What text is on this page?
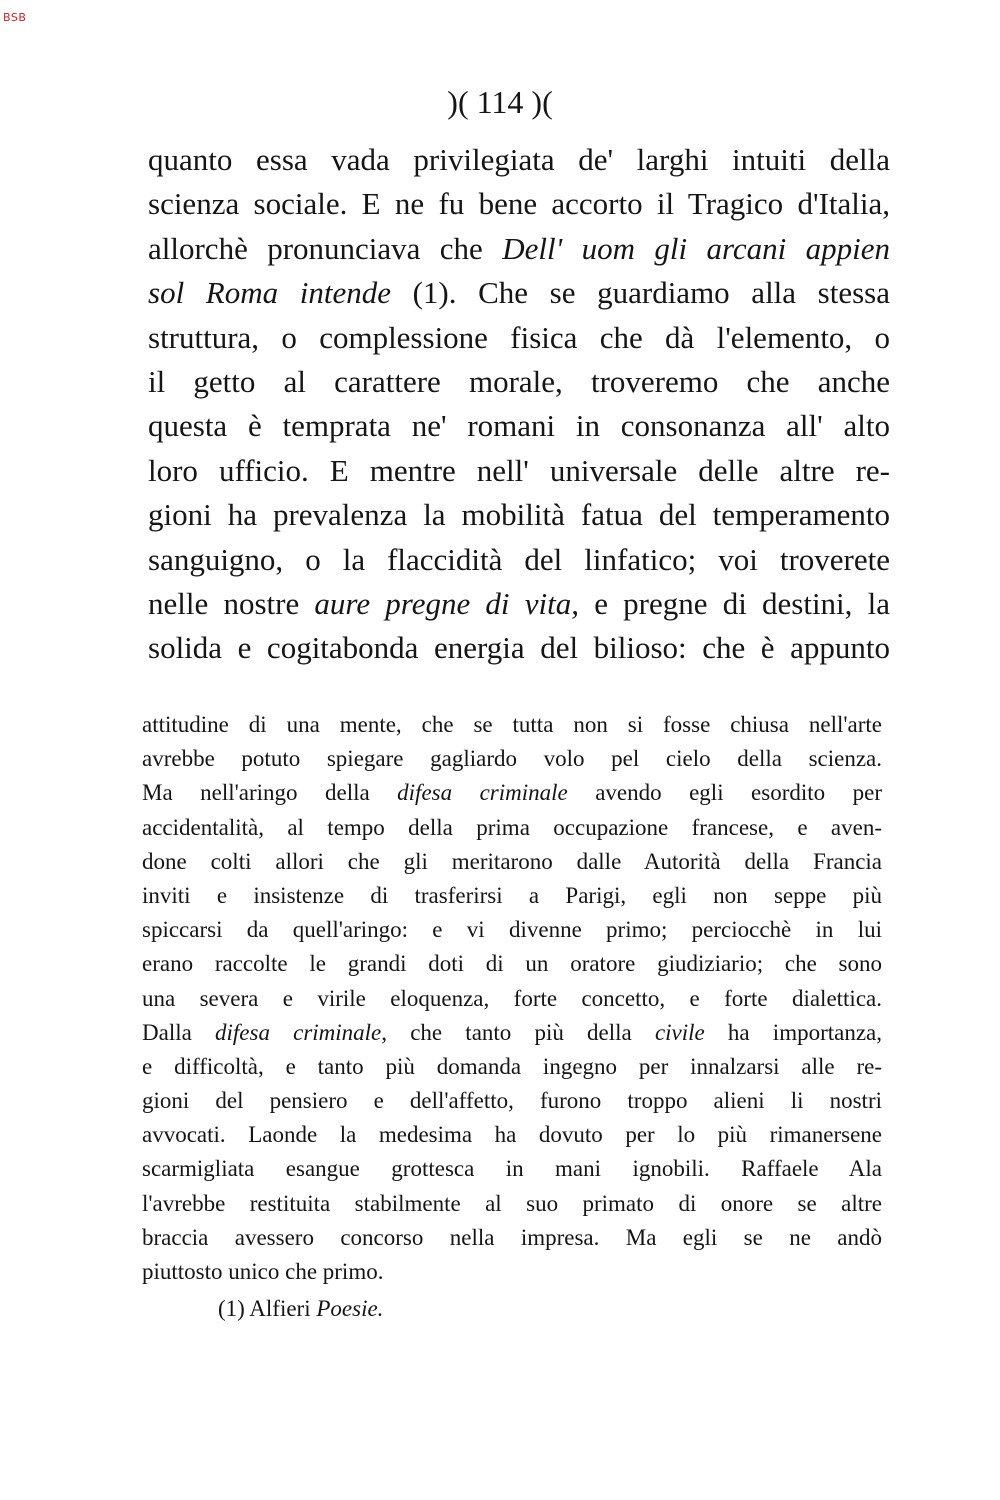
BSB
)( 114 )(
quanto essa vada privilegiata de' larghi intuiti della
scienza sociale. E ne fu bene accorto il Tragico d'Italia,
allorchè pronunciava che Dell' uom gli arcani appien
sol Roma intende (1). Che se guardiamo alla stessa
struttura, o complessione fisica che dà l'elemento, o
il getto al carattere morale, troveremo che anche
questa è temprata ne' romani in consonanza all' alto
loro ufficio. E mentre nell' universale delle altre re-
gioni ha prevalenza la mobilità fatua del temperamento
sanguigno, o la flaccidità del linfatico; voi troverete
nelle nostre aure pregne di vita, e pregne di destini, la
solida e cogitabonda energia del bilioso: che è appunto
attitudine di una mente, che se tutta non si fosse chiusa nell'arte
avrebbe potuto spiegare gagliardo volo pel cielo della scienza.
Ma nell'aringo della difesa criminale avendo egli esordito per
accidentalità, al tempo della prima occupazione francese, e aven-
done colti allori che gli meritarono dalle Autorità della Francia
inviti e insistenze di trasferirsi a Parigi, egli non seppe più
spiccarsi da quell'aringo: e vi divenne primo; perciocchè in lui
erano raccolte le grandi doti di un oratore giudiziario; che sono
una severa e virile eloquenza, forte concetto, e forte dialettica.
Dalla difesa criminale, che tanto più della civile ha importanza,
e difficoltà, e tanto più domanda ingegno per innalzarsi alle re-
gioni del pensiero e dell'affetto, furono troppo alieni li nostri
avvocati. Laonde la medesima ha dovuto per lo più rimanersene
scarmigliata esangue grottesca in mani ignobili. Raffaele Ala
l'avrebbe restituita stabilmente al suo primato di onore se altre
braccia avessero concorso nella impresa. Ma egli se ne andò
piuttosto unico che primo.
(1) Alfieri Poesie.
